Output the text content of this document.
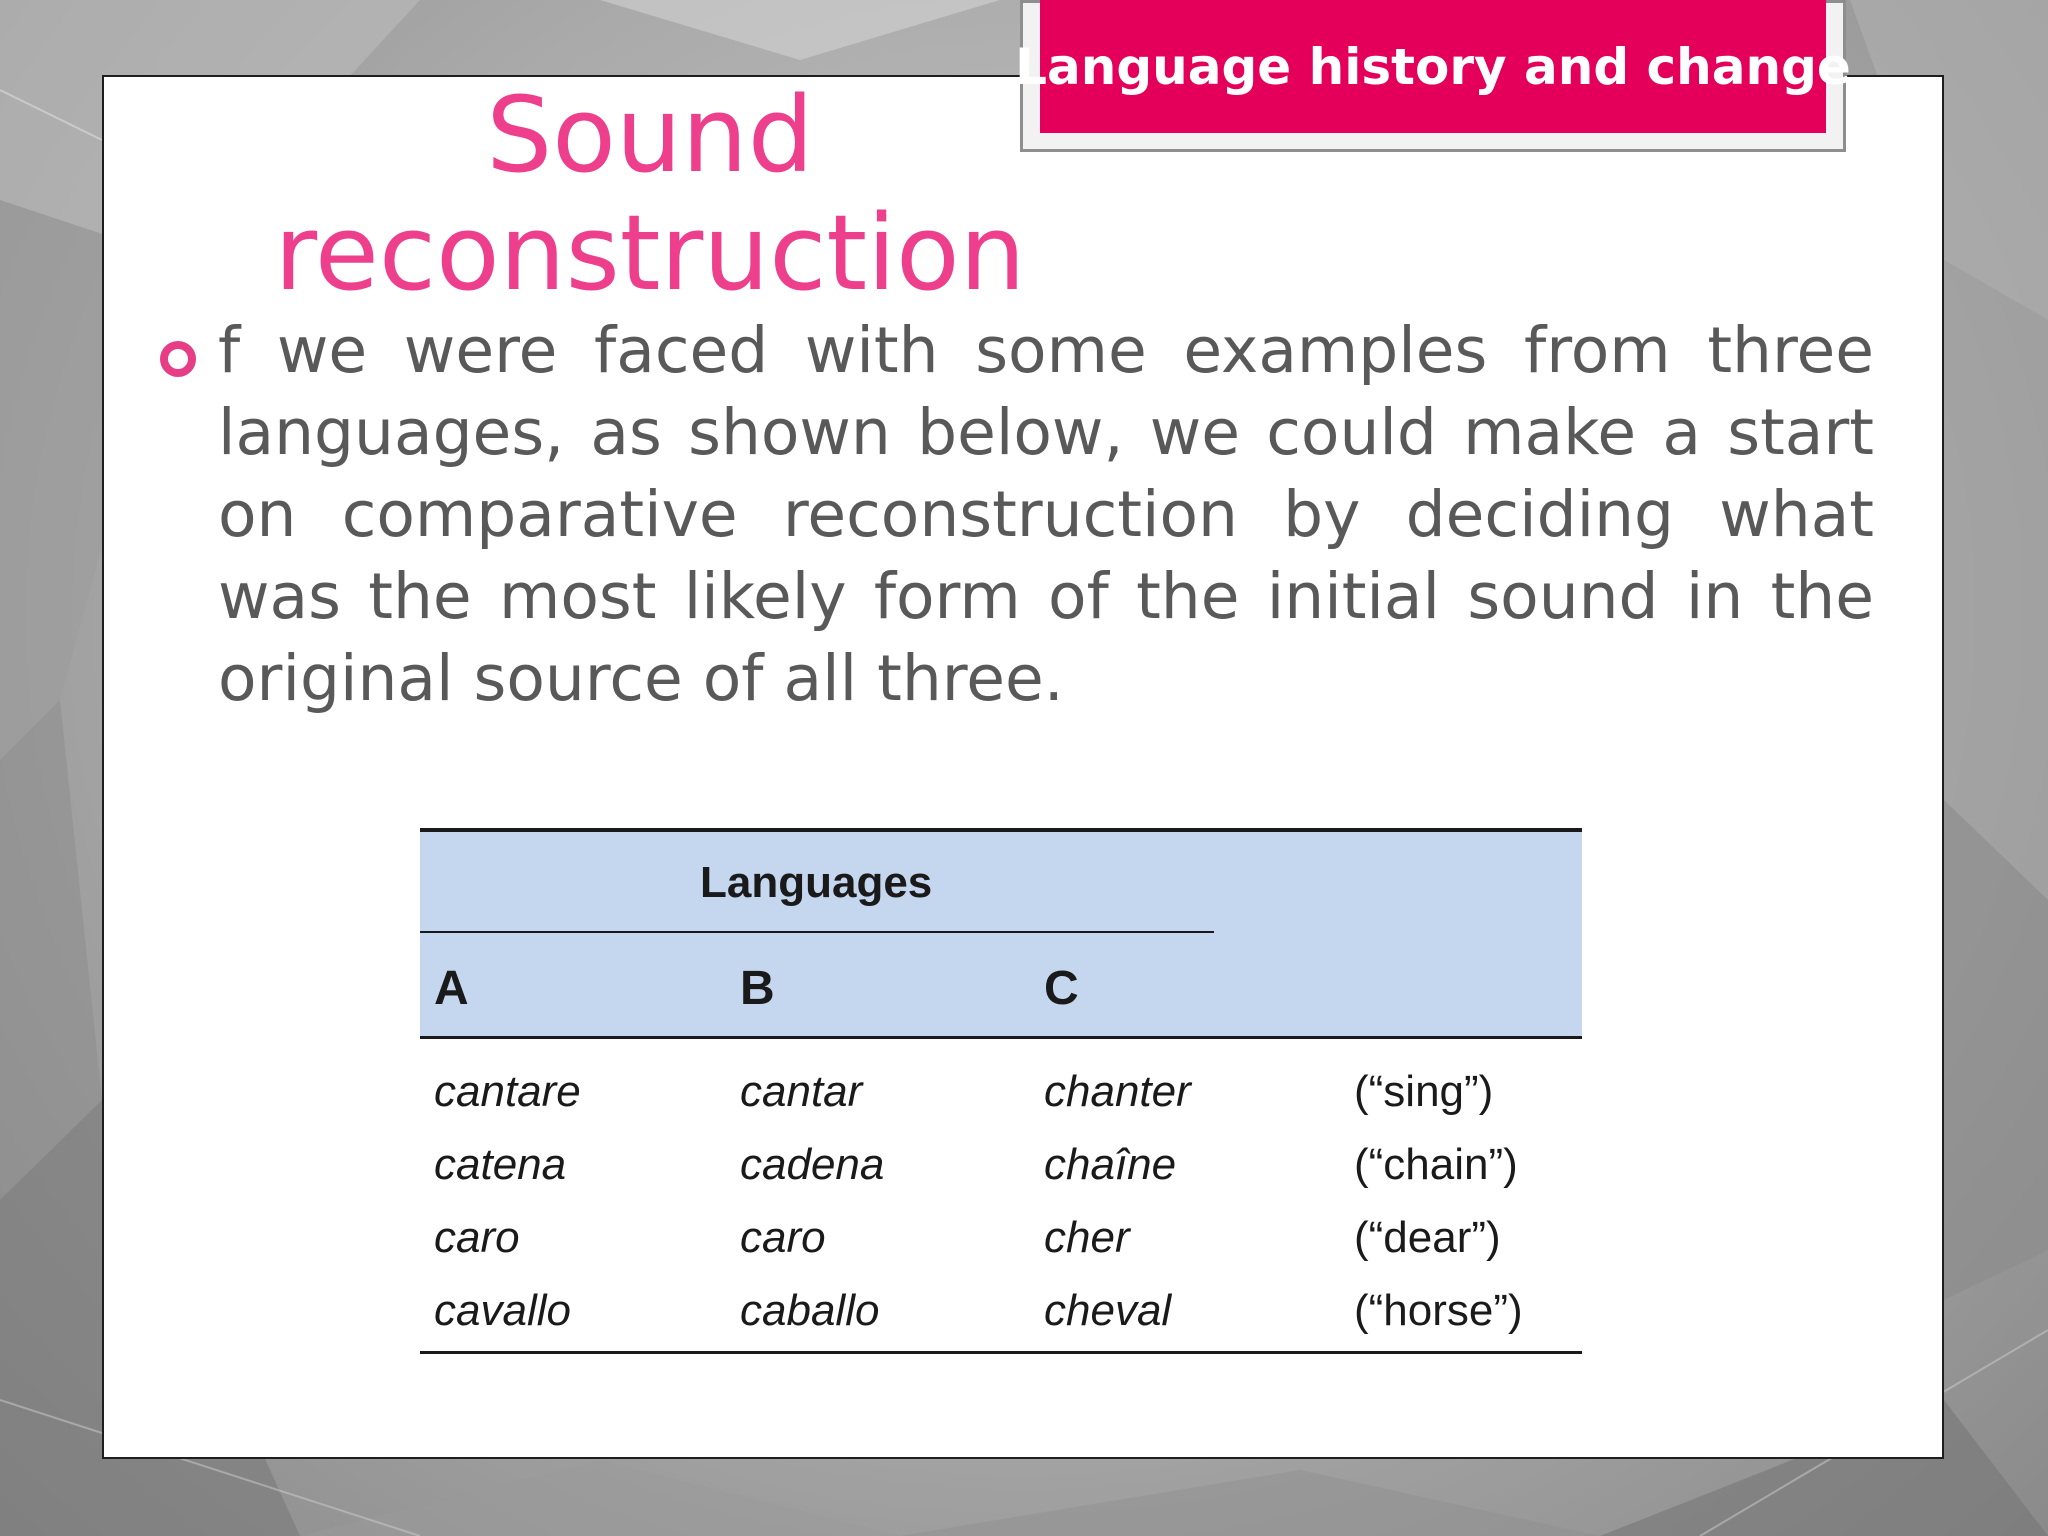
Language history and change
Sound
reconstruction
f we were faced with some examples from three languages, as shown below, we could make a start on comparative reconstruction by deciding what was the most likely form of the initial sound in the original source of all three.
Languages
A	B	C
cantare	cantar	chanter	(“sing”)
catena	cadena	chaîne	(“chain”)
caro	caro	cher	(“dear”)
cavallo	caballo	cheval	(“horse”)
